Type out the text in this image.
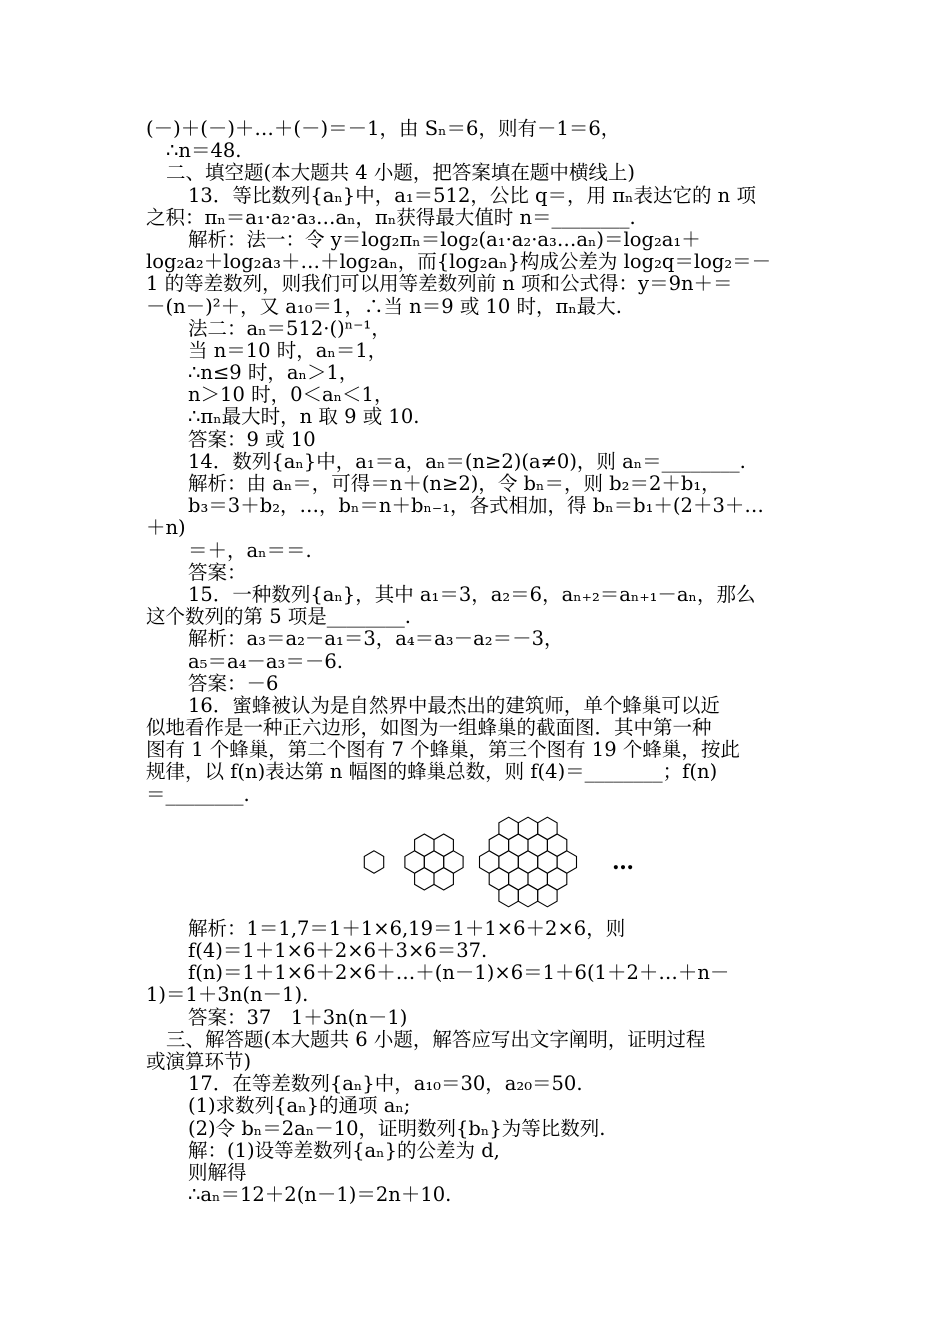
(－)＋(－)＋…＋(－)＝－1，由 Sₙ＝6，则有－1＝6，
∴n＝48.
二、填空题(本大题共 4 小题，把答案填在题中横线上)
13．等比数列{aₙ}中，a₁＝512，公比 q＝，用 πₙ表达它的 n 项
之积：πₙ＝a₁·a₂·a₃…aₙ，πₙ获得最大值时 n＝________.
解析：法一：令 y＝log₂πₙ＝log₂(a₁·a₂·a₃…aₙ)＝log₂a₁＋
log₂a₂＋log₂a₃＋…＋log₂aₙ，而{log₂aₙ}构成公差为 log₂q＝log₂＝－
1 的等差数列，则我们可以用等差数列前 n 项和公式得：y＝9n＋＝
－(n－)²＋，又 a₁₀＝1，∴当 n＝9 或 10 时，πₙ最大.
法二：aₙ＝512·()ⁿ⁻¹，
当 n＝10 时，aₙ＝1，
∴n≤9 时，aₙ＞1，
n＞10 时，0＜aₙ＜1，
∴πₙ最大时，n 取 9 或 10.
答案：9 或 10
14．数列{aₙ}中，a₁＝a，aₙ＝(n≥2)(a≠0)，则 aₙ＝________.
解析：由 aₙ＝，可得＝n＋(n≥2)，令 bₙ＝，则 b₂＝2＋b₁，
b₃＝3＋b₂，…，bₙ＝n＋bₙ₋₁，各式相加，得 bₙ＝b₁＋(2＋3＋…
＋n)
＝＋，aₙ＝＝.
答案：
15．一种数列{aₙ}，其中 a₁＝3，a₂＝6，aₙ₊₂＝aₙ₊₁－aₙ，那么
这个数列的第 5 项是________.
解析：a₃＝a₂－a₁＝3，a₄＝a₃－a₂＝－3，
a₅＝a₄－a₃＝－6.
答案：－6
16．蜜蜂被认为是自然界中最杰出的建筑师，单个蜂巢可以近
似地看作是一种正六边形，如图为一组蜂巢的截面图．其中第一种
图有 1 个蜂巢，第二个图有 7 个蜂巢，第三个图有 19 个蜂巢，按此
规律，以 f(n)表达第 n 幅图的蜂巢总数，则 f(4)＝________；f(n)
＝________.
…
解析：1＝1,7＝1＋1×6,19＝1＋1×6＋2×6，则
f(4)＝1＋1×6＋2×6＋3×6＝37.
f(n)＝1＋1×6＋2×6＋…＋(n－1)×6＝1＋6(1＋2＋…＋n－
1)＝1＋3n(n－1).
答案：37　1＋3n(n－1)
三、解答题(本大题共 6 小题，解答应写出文字阐明，证明过程
或演算环节)
17．在等差数列{aₙ}中，a₁₀＝30，a₂₀＝50.
(1)求数列{aₙ}的通项 aₙ;
(2)令 bₙ＝2aₙ－10，证明数列{bₙ}为等比数列.
解：(1)设等差数列{aₙ}的公差为 d,
则解得
∴aₙ＝12＋2(n－1)＝2n＋10.
